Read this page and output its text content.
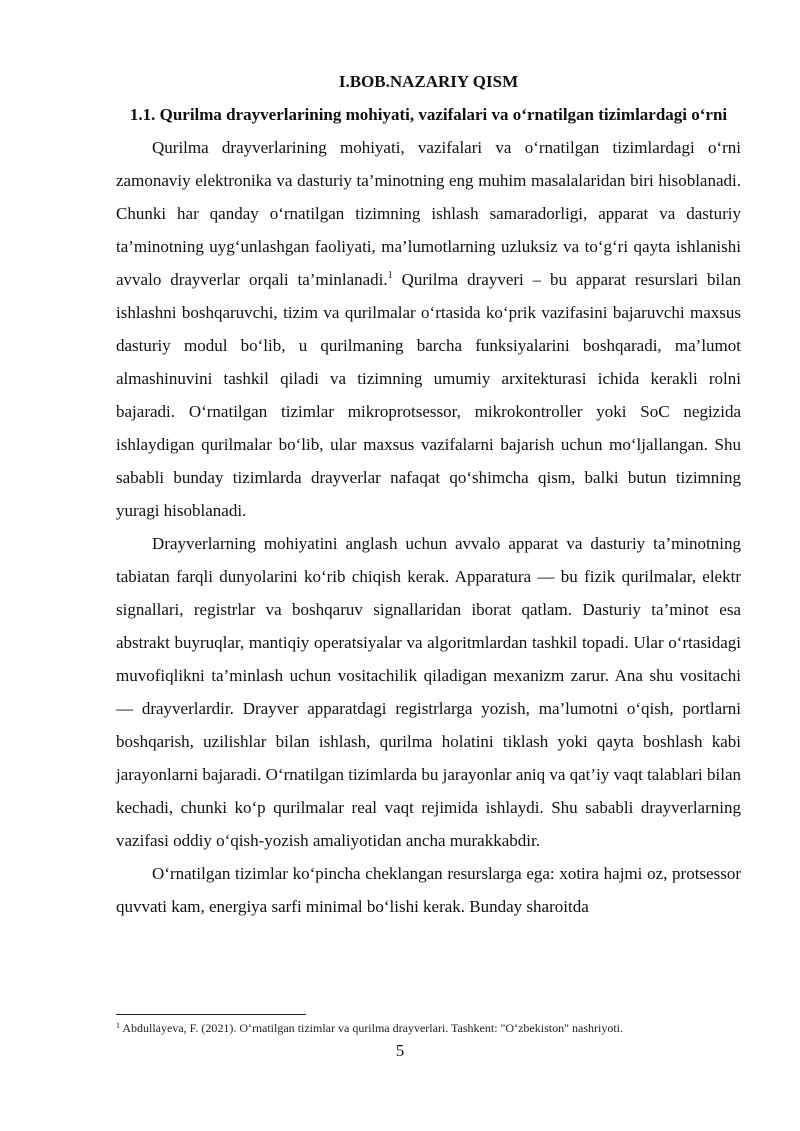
I.BOB.NAZARIY QISM
1.1. Qurilma drayverlarining mohiyati, vazifalari va o‘rnatilgan tizimlardagi o‘rni

Qurilma drayverlarining mohiyati, vazifalari va o‘rnatilgan tizimlardagi o‘rni zamonaviy elektronika va dasturiy ta’minotning eng muhim masalalaridan biri hisoblanadi. Chunki har qanday o‘rnatilgan tizimning ishlash samaradorligi, apparat va dasturiy ta’minotning uyg‘unlashgan faoliyati, ma’lumotlarning uzluksiz va to‘g‘ri qayta ishlanishi avvalo drayverlar orqali ta’minlanadi.$^1$ Qurilma drayveri – bu apparat resurslari bilan ishlashni boshqaruvchi, tizim va qurilmalar o‘rtasida ko‘prik vazifasini bajaruvchi maxsus dasturiy modul bo‘lib, u qurilmaning barcha funksiyalarini boshqaradi, ma’lumot almashinuvini tashkil qiladi va tizimning umumiy arxitekturasi ichida kerakli rolni bajaradi. O‘rnatilgan tizimlar mikroprotsessor, mikrokontroller yoki SoC negizida ishlaydigan qurilmalar bo‘lib, ular maxsus vazifalarni bajarish uchun mo‘ljallangan. Shu sababli bunday tizimlarda drayverlar nafaqat qo‘shimcha qism, balki butun tizimning yuragi hisoblanadi.

Drayverlarning mohiyatini anglash uchun avvalo apparat va dasturiy ta’minotning tabiatan farqli dunyolarini ko‘rib chiqish kerak. Apparatura — bu fizik qurilmalar, elektr signallari, registrlar va boshqaruv signallaridan iborat qatlam. Dasturiy ta’minot esa abstrakt buyruqlar, mantiqiy operatsiyalar va algoritmlardan tashkil topadi. Ular o‘rtasidagi muvofiqlikni ta’minlash uchun vositachilik qiladigan mexanizm zarur. Ana shu vositachi — drayverlardir. Drayver apparatdagi registrlarga yozish, ma’lumotni o‘qish, portlarni boshqarish, uzilishlar bilan ishlash, qurilma holatini tiklash yoki qayta boshlash kabi jarayonlarni bajaradi. O‘rnatilgan tizimlarda bu jarayonlar aniq va qat’iy vaqt talablari bilan kechadi, chunki ko‘p qurilmalar real vaqt rejimida ishlaydi. Shu sababli drayverlarning vazifasi oddiy o‘qish-yozish amaliyotidan ancha murakkabdir.

O‘rnatilgan tizimlar ko‘pincha cheklangan resurslarga ega: xotira hajmi oz, protsessor quvvati kam, energiya sarfi minimal bo‘lishi kerak. Bunday sharoitda

$^1$ Abdullayeva, F. (2021). O‘rnatilgan tizimlar va qurilma drayverlari. Tashkent: "O‘zbekiston" nashriyoti.

5
